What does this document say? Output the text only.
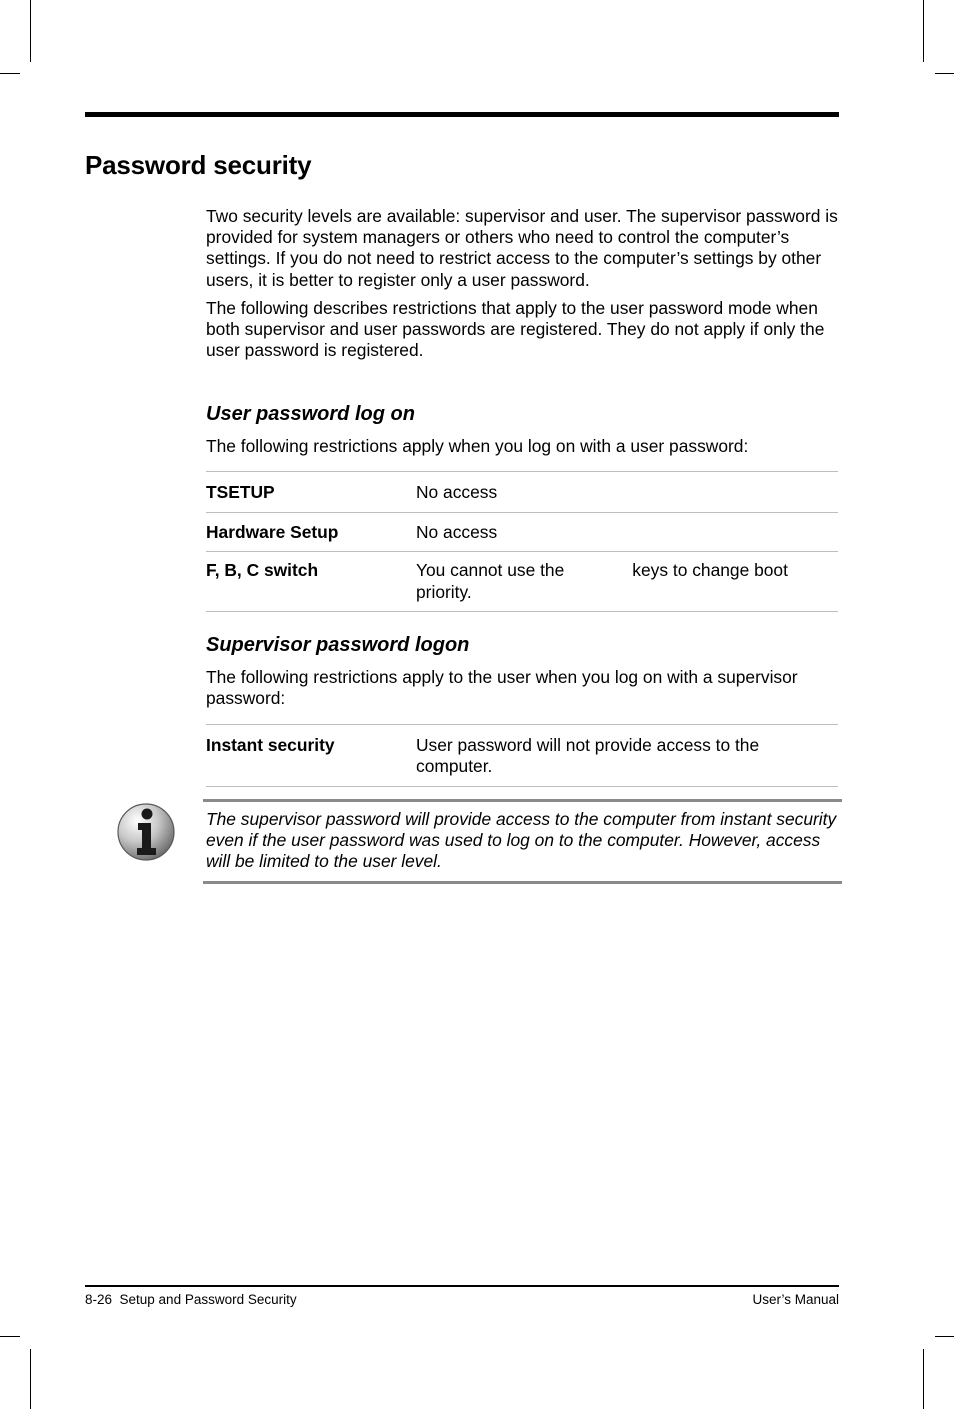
Password security

Two security levels are available: supervisor and user. The supervisor password is provided for system managers or others who need to control the computer’s settings. If you do not need to restrict access to the computer’s settings by other users, it is better to register only a user password.

The following describes restrictions that apply to the user password mode when both supervisor and user passwords are registered. They do not apply if only the user password is registered.

User password log on

The following restrictions apply when you log on with a user password:

TSETUP	No access
Hardware Setup	No access
F, B, C switch	You cannot use the	keys to change boot priority.
Supervisor password logon

The following restrictions apply to the user when you log on with a supervisor password:

Instant security	User password will not provide access to the computer.

The supervisor password will provide access to the computer from instant security even if the user password was used to log on to the computer. However, access will be limited to the user level.

8-26  Setup and Password Security	User’s Manual
